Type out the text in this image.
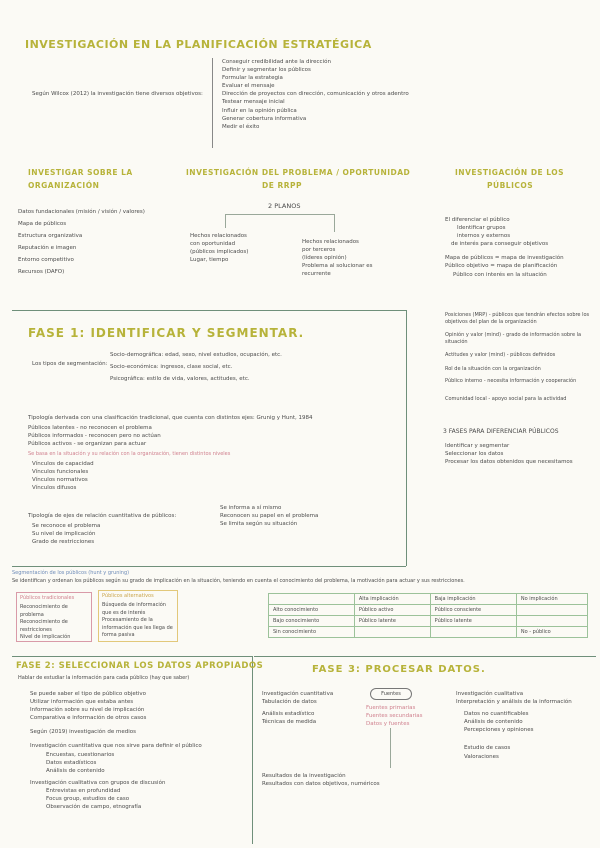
INVESTIGACIÓN EN LA PLANIFICACIÓN ESTRATÉGICA
Según Wilcox (2012) la investigación tiene diversos objetivos:
Conseguir credibilidad ante la dirección
Definir y segmentar los públicos
Formular la estrategia
Evaluar el mensaje
Dirección de proyectos con dirección, comunicación y otros adentro
Testear mensaje inicial
Influir en la opinión pública
Generar cobertura informativa
Medir el éxito
INVESTIGAR SOBRE LA
ORGANIZACIÓN
Datos fundacionales (misión / visión / valores)
Mapa de públicos
Estructura organizativa
Reputación e imagen
Entorno competitivo
Recursos (DAFO)
INVESTIGACIÓN DEL PROBLEMA / OPORTUNIDAD
DE RRPP
2 PLANOS
Hechos relacionados
con oportunidad
(públicos implicados)
Lugar, tiempo
Hechos relacionados
por terceros
(líderes opinión)
Problema al solucionar es
recurrente
INVESTIGACIÓN DE LOS
PÚBLICOS
El diferenciar el público
Identificar grupos
internos y externos
de interés para conseguir objetivos
Mapa de públicos = mapa de investigación
Público objetivo = mapa de planificación
Público con interés en la situación
Posiciones (MRP) - públicos que tendrán efectos sobre los objetivos del plan de la organización
Opinión y valor (mind) - grado de información sobre la situación
Actitudes y valor (mind) - públicos definidos
Rol de la situación con la organización
Público interno - necesita información y cooperación
Comunidad local - apoyo social para la actividad
3 FASES PARA DIFERENCIAR PÚBLICOS
Identificar y segmentar
Seleccionar los datos
Procesar los datos obtenidos que necesitamos
FASE 1: IDENTIFICAR Y SEGMENTAR.
Los tipos de segmentación:
Socio-demográfica: edad, sexo, nivel estudios, ocupación, etc.
Socio-económica: ingresos, clase social, etc.
Psicográfica: estilo de vida, valores, actitudes, etc.
Tipología derivada con una clasificación tradicional, que cuenta con distintos ejes: Grunig y Hunt, 1984
Públicos latentes - no reconocen el problema
Públicos informados - reconocen pero no actúan
Públicos activos - se organizan para actuar
Se basa en la situación y su relación con la organización, tienen distintos niveles
Vínculos de capacidad
Vínculos funcionales
Vínculos normativos
Vínculos difusos
Tipología de ejes de relación cuantitativa de públicos:
Se reconoce el problema
Su nivel de implicación
Grado de restricciones
Se informa a sí mismo
Reconocen su papel en el problema
Se limita según su situación
Segmentación de los públicos (hunt y gruning)
Se identifican y ordenan los públicos según su grado de implicación en la situación, teniendo en cuenta el conocimiento del problema, la motivación para actuar y sus restricciones.
Públicos tradicionales
Reconocimiento de problema
Reconocimiento de restricciones
Nivel de implicación
Públicos alternativos
Búsqueda de información que es de interés
Procesamiento de la información que les llega de forma pasiva
	Alta implicación	Baja implicación	No implicación
Alto conocimiento	Público activo	Público consciente	
Bajo conocimiento	Público latente	Público latente	
Sin conocimiento			No - público
FASE 2: SELECCIONAR LOS DATOS APROPIADOS
Hablar de estudiar la información para cada público (hay que saber)
Se puede saber el tipo de público objetivo
Utilizar información que estaba antes
Información sobre su nivel de implicación
Comparativa e información de otros casos
Según (2019) investigación de medios
Investigación cuantitativa que nos sirve para definir el público
Encuestas, cuestionarios
Datos estadísticos
Análisis de contenido
Investigación cualitativa con grupos de discusión
Entrevistas en profundidad
Focus group, estudios de caso
Observación de campo, etnografía
FASE 3: PROCESAR DATOS.
Investigación cuantitativa
Tabulación de datos
Análisis estadístico
Técnicas de medida
Resultados de la investigación
Resultados con datos objetivos, numéricos
Fuentes
Fuentes primarias
Fuentes secundarias
Datos y fuentes
Investigación cualitativa
Interpretación y análisis de la información
Datos no cuantificables
Análisis de contenido
Percepciones y opiniones
Estudio de casos
Valoraciones
